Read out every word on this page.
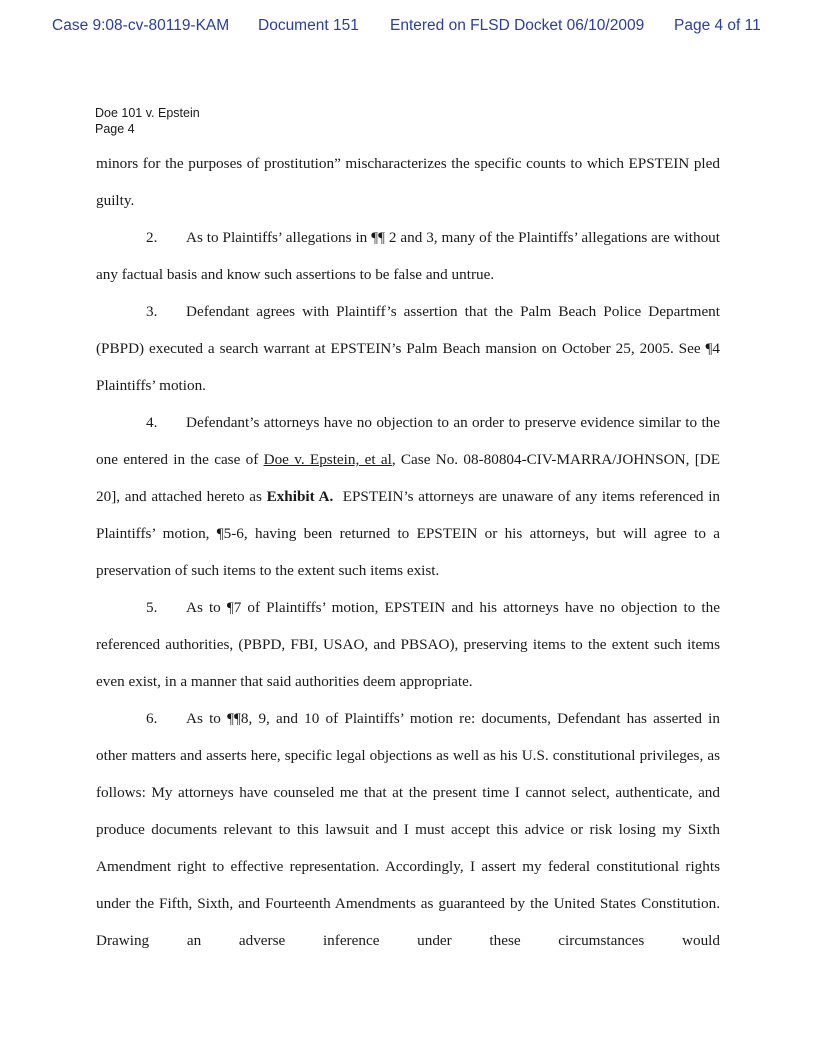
Case 9:08-cv-80119-KAM Document 151 Entered on FLSD Docket 06/10/2009 Page 4 of 11
Doe 101 v. Epstein
Page 4

minors for the purposes of prostitution” mischaracterizes the specific counts to which EPSTEIN pled guilty.

2. As to Plaintiffs’ allegations in ¶¶ 2 and 3, many of the Plaintiffs’ allegations are without any factual basis and know such assertions to be false and untrue.

3. Defendant agrees with Plaintiff’s assertion that the Palm Beach Police Department (PBPD) executed a search warrant at EPSTEIN’s Palm Beach mansion on October 25, 2005. See ¶4 Plaintiffs’ motion.

4. Defendant’s attorneys have no objection to an order to preserve evidence similar to the one entered in the case of Doe v. Epstein, et al, Case No. 08-80804-CIV-MARRA/JOHNSON, [DE 20], and attached hereto as Exhibit A. EPSTEIN’s attorneys are unaware of any items referenced in Plaintiffs’ motion, ¶5-6, having been returned to EPSTEIN or his attorneys, but will agree to a preservation of such items to the extent such items exist.

5. As to ¶7 of Plaintiffs’ motion, EPSTEIN and his attorneys have no objection to the referenced authorities, (PBPD, FBI, USAO, and PBSAO), preserving items to the extent such items even exist, in a manner that said authorities deem appropriate.

6. As to ¶¶8, 9, and 10 of Plaintiffs’ motion re: documents, Defendant has asserted in other matters and asserts here, specific legal objections as well as his U.S. constitutional privileges, as follows: My attorneys have counseled me that at the present time I cannot select, authenticate, and produce documents relevant to this lawsuit and I must accept this advice or risk losing my Sixth Amendment right to effective representation. Accordingly, I assert my federal constitutional rights under the Fifth, Sixth, and Fourteenth Amendments as guaranteed by the United States Constitution. Drawing an adverse inference under these circumstances would
